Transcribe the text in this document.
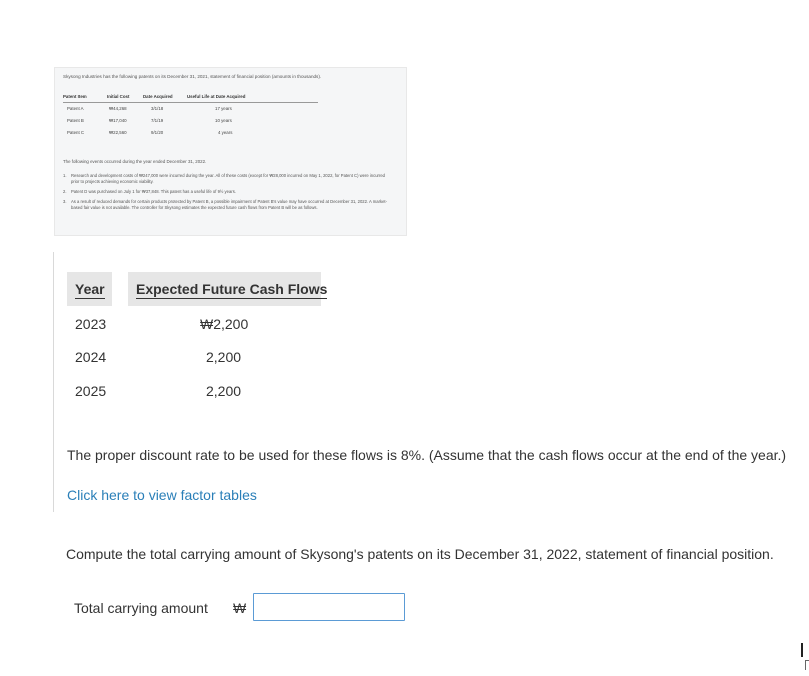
Skysong Industries has the following patents on its December 31, 2021, statement of financial position (amounts in thousands).
Patent Item	Initial Cost	Date Acquired	Useful Life at Date Acquired
Patent A	₩44,268	3/1/18	17 years
Patent B	₩17,040	7/1/19	10 years
Patent C	₩22,560	9/1/20	4 years
The following events occurred during the year ended December 31, 2022.
1. Research and development costs of ₩247,000 were incurred during the year. All of these costs (except for ₩28,000 incurred on May 1, 2022, for Patent C) were incurred prior to projects achieving economic viability.
2. Patent D was purchased on July 1 for ₩37,848. This patent has a useful life of 9½ years.
3. As a result of reduced demands for certain products protected by Patent B, a possible impairment of Patent B's value may have occurred at December 31, 2022. A market-based fair value is not available. The controller for Skysong estimates the expected future cash flows from Patent B will be as follows.
Year Expected Future Cash Flows
2023	₩2,200
2024	2,200
2025	2,200
The proper discount rate to be used for these flows is 8%. (Assume that the cash flows occur at the end of the year.)
Click here to view factor tables
Compute the total carrying amount of Skysong's patents on its December 31, 2022, statement of financial position.
Total carrying amount ₩
